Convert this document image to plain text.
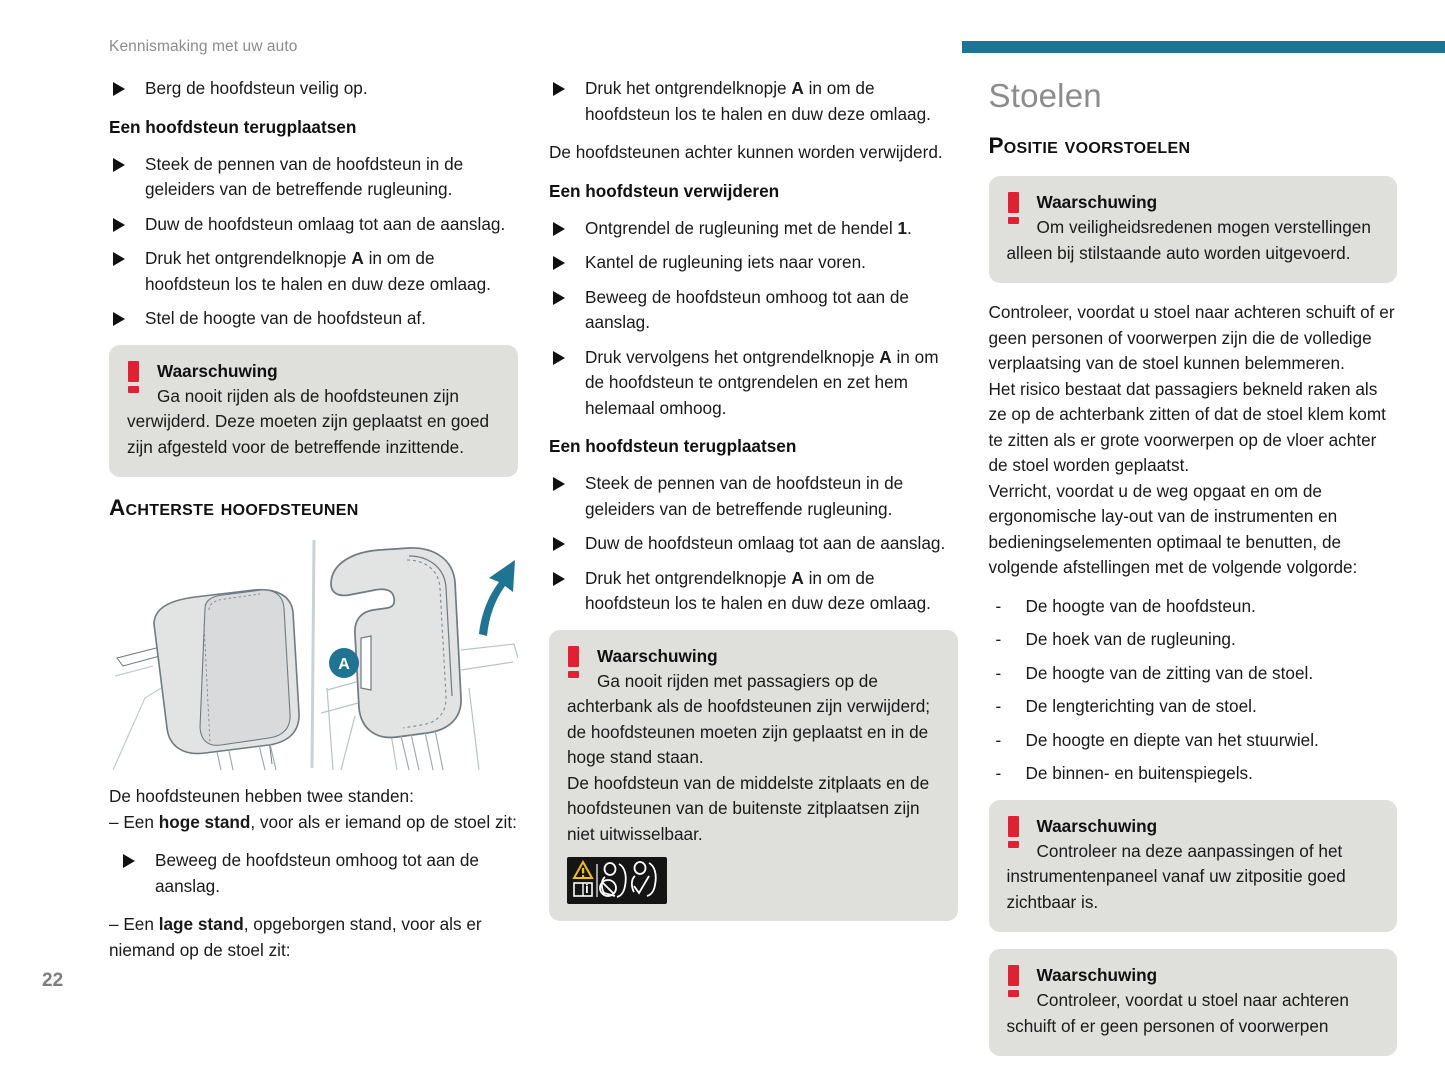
Kennismaking met uw auto
Berg de hoofdsteun veilig op.
Een hoofdsteun terugplaatsen
Steek de pennen van de hoofdsteun in de geleiders van de betreffende rugleuning.
Duw de hoofdsteun omlaag tot aan de aanslag.
Druk het ontgrendelknopje A in om de hoofdsteun los te halen en duw deze omlaag.
Stel de hoogte van de hoofdsteun af.
Waarschuwing
Ga nooit rijden als de hoofdsteunen zijn verwijderd. Deze moeten zijn geplaatst en goed zijn afgesteld voor de betreffende inzittende.
Achterste hoofdsteunen
A
De hoofdsteunen hebben twee standen:
– Een hoge stand, voor als er iemand op de stoel zit:
Beweeg de hoofdsteun omhoog tot aan de aanslag.
– Een lage stand, opgeborgen stand, voor als er niemand op de stoel zit:
Druk het ontgrendelknopje A in om de hoofdsteun los te halen en duw deze omlaag.
De hoofdsteunen achter kunnen worden verwijderd.
Een hoofdsteun verwijderen
Ontgrendel de rugleuning met de hendel 1.
Kantel de rugleuning iets naar voren.
Beweeg de hoofdsteun omhoog tot aan de aanslag.
Druk vervolgens het ontgrendelknopje A in om de hoofdsteun te ontgrendelen en zet hem helemaal omhoog.
Een hoofdsteun terugplaatsen
Steek de pennen van de hoofdsteun in de geleiders van de betreffende rugleuning.
Duw de hoofdsteun omlaag tot aan de aanslag.
Druk het ontgrendelknopje A in om de hoofdsteun los te halen en duw deze omlaag.
Waarschuwing
Ga nooit rijden met passagiers op de achterbank als de hoofdsteunen zijn verwijderd; de hoofdsteunen moeten zijn geplaatst en in de hoge stand staan.
De hoofdsteun van de middelste zitplaats en de hoofdsteunen van de buitenste zitplaatsen zijn niet uitwisselbaar.
Stoelen
Positie voorstoelen
Waarschuwing
Om veiligheidsredenen mogen verstellingen alleen bij stilstaande auto worden uitgevoerd.
Controleer, voordat u stoel naar achteren schuift of er geen personen of voorwerpen zijn die de volledige verplaatsing van de stoel kunnen belemmeren.
Het risico bestaat dat passagiers bekneld raken als ze op de achterbank zitten of dat de stoel klem komt te zitten als er grote voorwerpen op de vloer achter de stoel worden geplaatst.
Verricht, voordat u de weg opgaat en om de ergonomische lay-out van de instrumenten en bedieningselementen optimaal te benutten, de volgende afstellingen met de volgende volgorde:
- De hoogte van de hoofdsteun.
- De hoek van de rugleuning.
- De hoogte van de zitting van de stoel.
- De lengterichting van de stoel.
- De hoogte en diepte van het stuurwiel.
- De binnen- en buitenspiegels.
Waarschuwing
Controleer na deze aanpassingen of het instrumentenpaneel vanaf uw zitpositie goed zichtbaar is.
Waarschuwing
Controleer, voordat u stoel naar achteren schuift of er geen personen of voorwerpen
22
